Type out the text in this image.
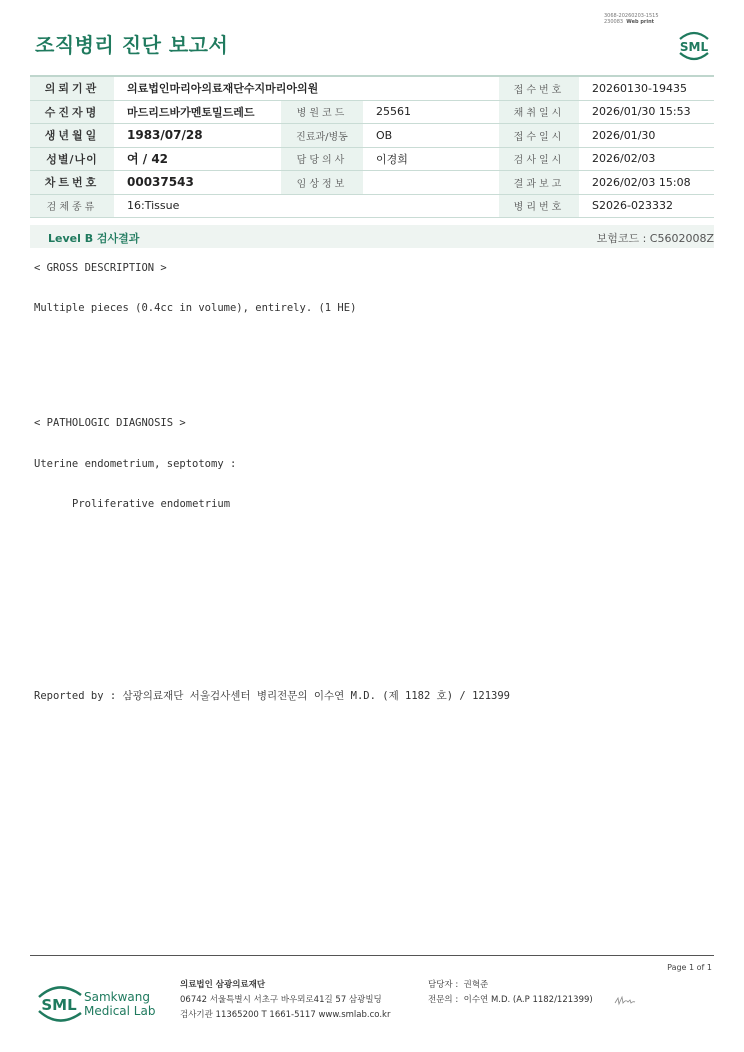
3068-20260203-1515
230083 Web print
조직병리 진단 보고서	SML
의뢰기관	의료법인마리아의료재단수지마리아의원			접수번호	20260130-19435
수진자명	마드리드바가멘토밀드레드	병원코드	25561	채취일시	2026/01/30 15:53
생년월일	1983/07/28	진료과/병동	OB	접수일시	2026/01/30
성별/나이	여 / 42	담당의사	이경희	검사일시	2026/02/03
차트번호	00037543	임상정보		결과보고	2026/02/03 15:08
검체종류	16:Tissue			병리번호	S2026-023332
Level B 검사결과	보험코드 : C5602008Z
< GROSS DESCRIPTION >
Multiple pieces (0.4cc in volume), entirely. (1 HE)
< PATHOLOGIC DIAGNOSIS >
Uterine endometrium, septotomy :
Proliferative endometrium
Reported by : 삼광의료재단 서울검사센터 병리전문의 이수연 M.D. (제 1182 호) / 121399
Page 1 of 1
SML Samkwang
Medical Lab
의료법인 삼광의료재단
06742 서울특별시 서초구 바우뫼로41길 57 삼광빌딩
검사기관 11365200 T 1661-5117 www.smlab.co.kr
담당자 : 권혁준
전문의 : 이수연 M.D. (A.P 1182/121399)
